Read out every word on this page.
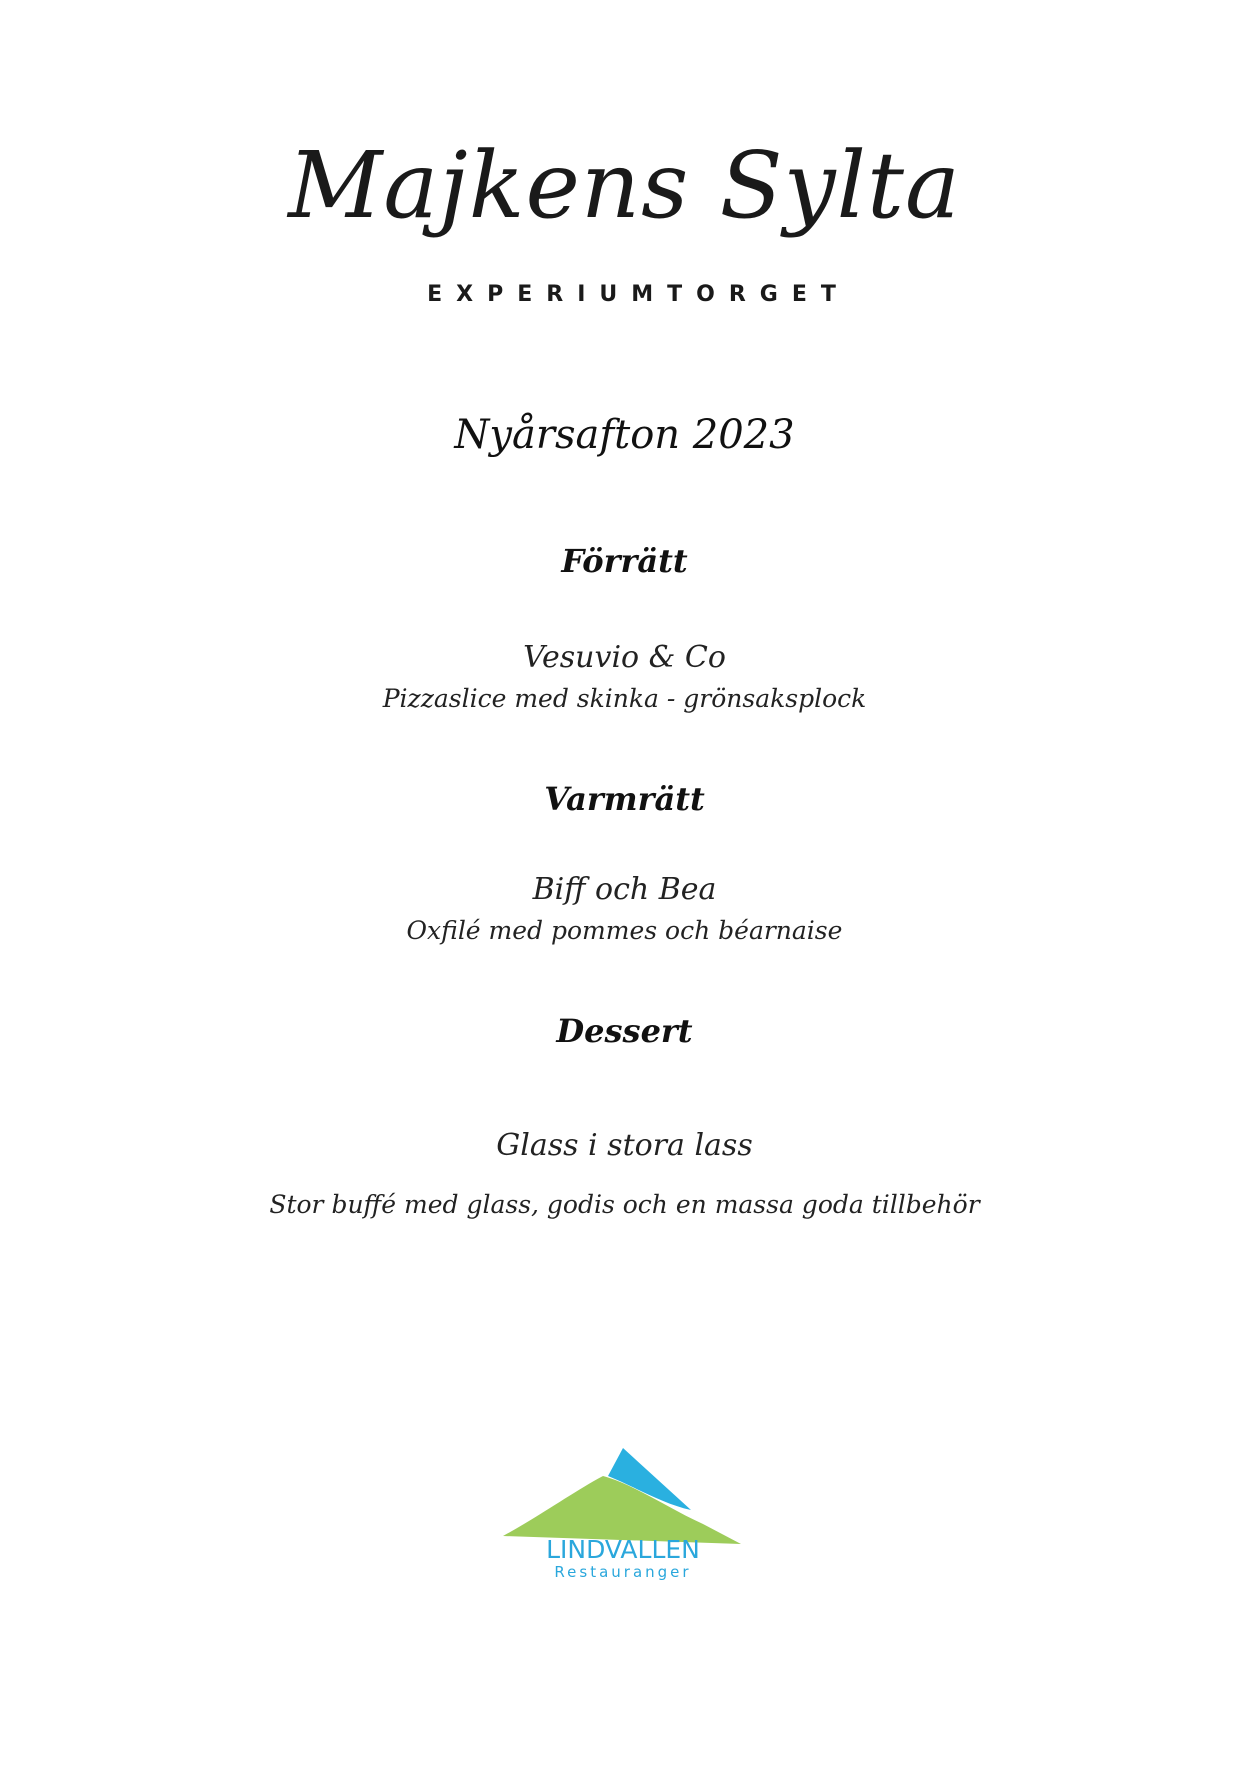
Majkens Sylta
EXPERIUMTORGET
Nyårsafton 2023
Förrätt
Vesuvio & Co
Pizzaslice med skinka - grönsaksplock
Varmrätt
Biff och Bea
Oxfilé med pommes och béarnaise
Dessert
Glass i stora lass
Stor buffé med glass, godis och en massa goda tillbehör
LINDVALLEN
Restauranger
